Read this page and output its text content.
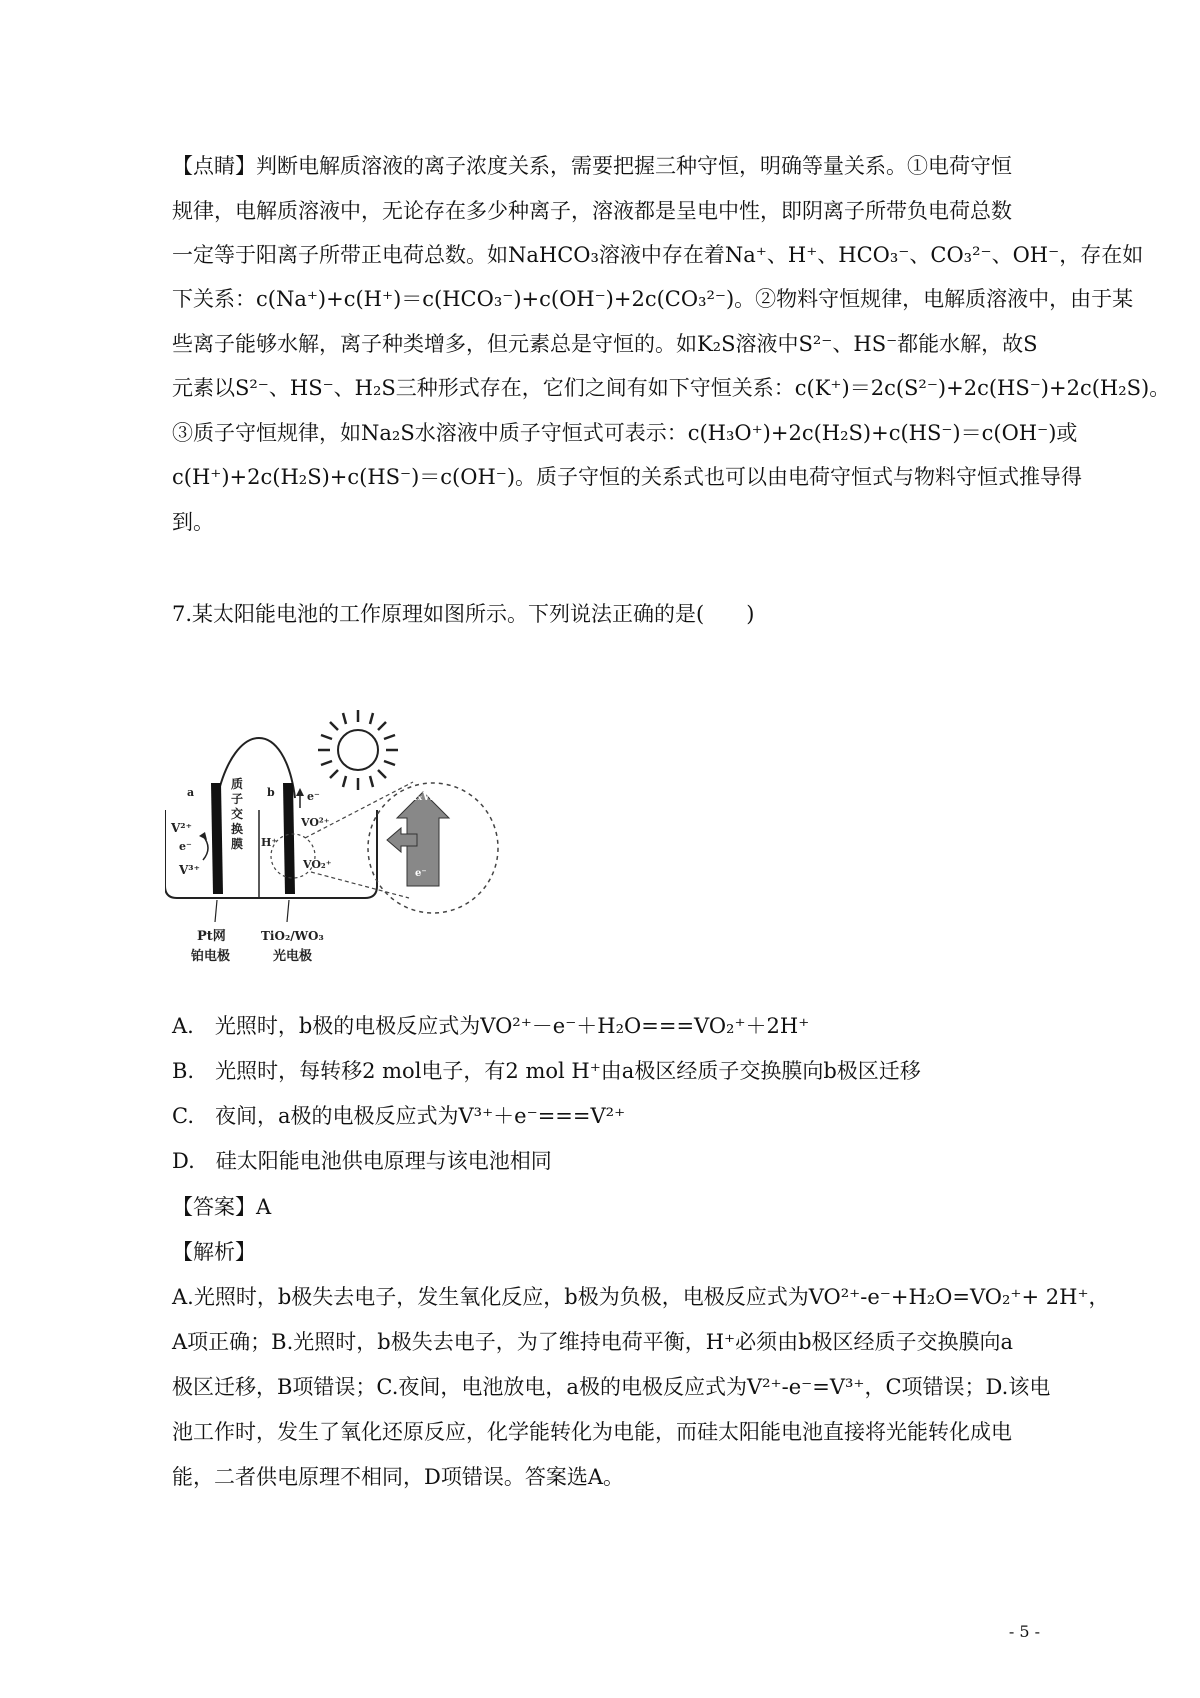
【点睛】判断电解质溶液的离子浓度关系，需要把握三种守恒，明确等量关系。①电荷守恒
规律，电解质溶液中，无论存在多少种离子，溶液都是呈电中性，即阴离子所带负电荷总数
一定等于阳离子所带正电荷总数。如NaHCO₃溶液中存在着Na⁺、H⁺、HCO₃⁻、CO₃²⁻、OH⁻，存在如
下关系：c(Na⁺)+c(H⁺)＝c(HCO₃⁻)+c(OH⁻)+2c(CO₃²⁻)。②物料守恒规律，电解质溶液中，由于某
些离子能够水解，离子种类增多，但元素总是守恒的。如K₂S溶液中S²⁻、HS⁻都能水解，故S
元素以S²⁻、HS⁻、H₂S三种形式存在，它们之间有如下守恒关系：c(K⁺)＝2c(S²⁻)+2c(HS⁻)+2c(H₂S)。
③质子守恒规律，如Na₂S水溶液中质子守恒式可表示：c(H₃O⁺)+2c(H₂S)+c(HS⁻)＝c(OH⁻)或
c(H⁺)+2c(H₂S)+c(HS⁻)＝c(OH⁻)。质子守恒的关系式也可以由电荷守恒式与物料守恒式推导得
到。
7.某太阳能电池的工作原理如图所示。下列说法正确的是(　　)
a	b
质
子
交
换
膜
V²⁺
e⁻
V³⁺
H⁺
VO²⁺
VO₂⁺
e⁻	HₓWO₃
e⁻
Pt网
铂电极
TiO₂/WO₃
光电极
A.　光照时，b极的电极反应式为VO²⁺－e⁻＋H₂O===VO₂⁺＋2H⁺
B.　光照时，每转移2 mol电子，有2 mol H⁺由a极区经质子交换膜向b极区迁移
C.　夜间，a极的电极反应式为V³⁺＋e⁻===V²⁺
D.　硅太阳能电池供电原理与该电池相同
【答案】A
【解析】
A.光照时，b极失去电子，发生氧化反应，b极为负极，电极反应式为VO²⁺-e⁻+H₂O=VO₂⁺+ 2H⁺，
A项正确；B.光照时，b极失去电子，为了维持电荷平衡，H⁺必须由b极区经质子交换膜向a
极区迁移，B项错误；C.夜间，电池放电，a极的电极反应式为V²⁺-e⁻=V³⁺，C项错误；D.该电
池工作时，发生了氧化还原反应，化学能转化为电能，而硅太阳能电池直接将光能转化成电
能，二者供电原理不相同，D项错误。答案选A。
- 5 -
